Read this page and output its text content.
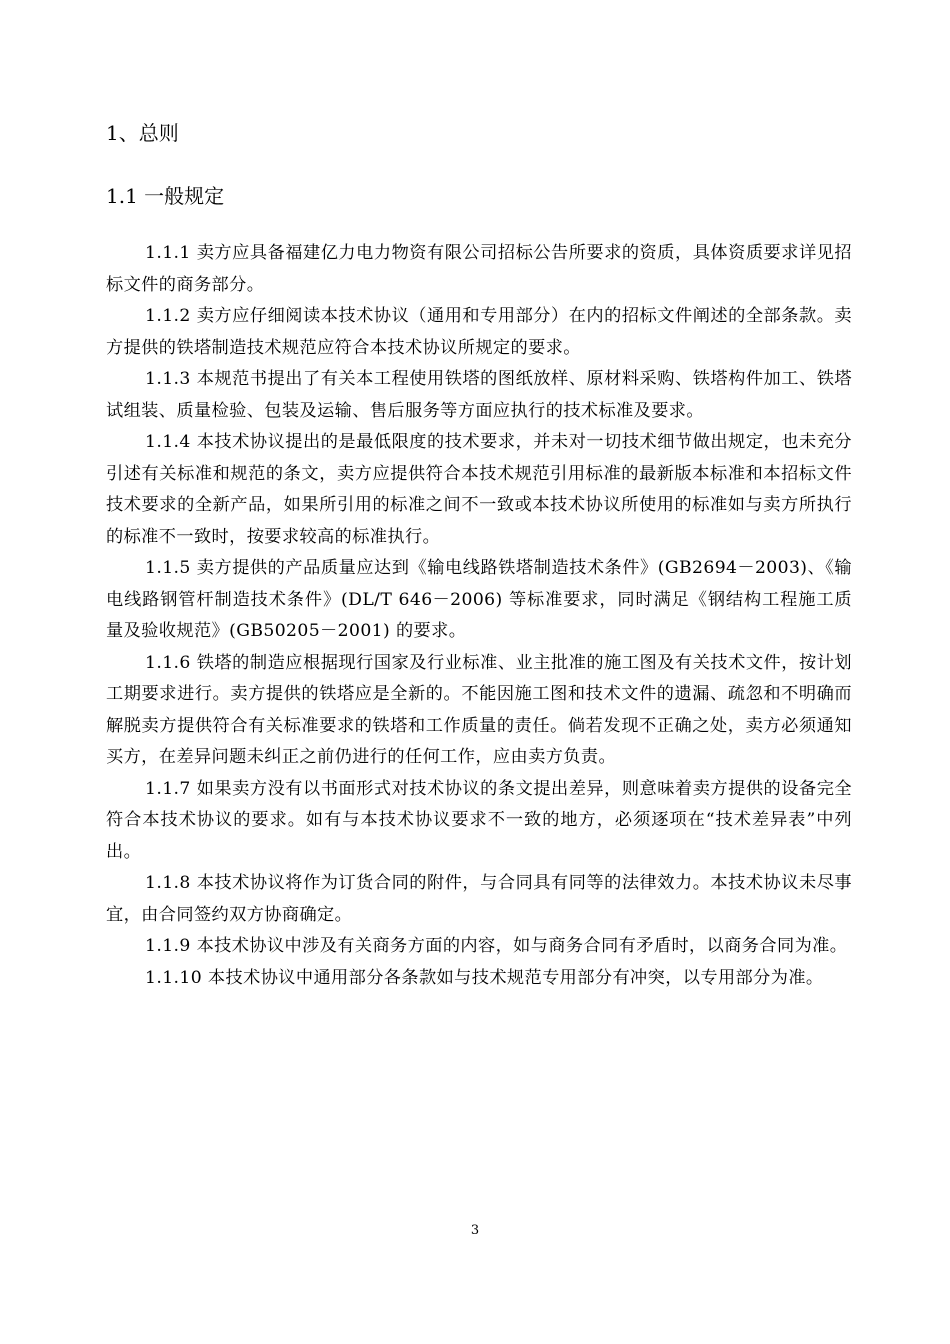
1、总则
1.1 一般规定

1.1.1 卖方应具备福建亿力电力物资有限公司招标公告所要求的资质，具体资质要求详见招标文件的商务部分。

1.1.2 卖方应仔细阅读本技术协议（通用和专用部分）在内的招标文件阐述的全部条款。卖方提供的铁塔制造技术规范应符合本技术协议所规定的要求。

1.1.3 本规范书提出了有关本工程使用铁塔的图纸放样、原材料采购、铁塔构件加工、铁塔试组装、质量检验、包装及运输、售后服务等方面应执行的技术标准及要求。

1.1.4 本技术协议提出的是最低限度的技术要求，并未对一切技术细节做出规定，也未充分引述有关标准和规范的条文，卖方应提供符合本技术规范引用标准的最新版本标准和本招标文件技术要求的全新产品，如果所引用的标准之间不一致或本技术协议所使用的标准如与卖方所执行的标准不一致时，按要求较高的标准执行。

1.1.5 卖方提供的产品质量应达到《输电线路铁塔制造技术条件》(GB2694－2003)、《输电线路钢管杆制造技术条件》(DL/T 646－2006) 等标准要求，同时满足《钢结构工程施工质量及验收规范》(GB50205－2001) 的要求。

1.1.6 铁塔的制造应根据现行国家及行业标准、业主批准的施工图及有关技术文件，按计划工期要求进行。卖方提供的铁塔应是全新的。不能因施工图和技术文件的遗漏、疏忽和不明确而解脱卖方提供符合有关标准要求的铁塔和工作质量的责任。倘若发现不正确之处，卖方必须通知买方，在差异问题未纠正之前仍进行的任何工作，应由卖方负责。

1.1.7 如果卖方没有以书面形式对技术协议的条文提出差异，则意味着卖方提供的设备完全符合本技术协议的要求。如有与本技术协议要求不一致的地方，必须逐项在“技术差异表”中列出。

1.1.8 本技术协议将作为订货合同的附件，与合同具有同等的法律效力。本技术协议未尽事宜，由合同签约双方协商确定。

1.1.9 本技术协议中涉及有关商务方面的内容，如与商务合同有矛盾时，以商务合同为准。

1.1.10 本技术协议中通用部分各条款如与技术规范专用部分有冲突，以专用部分为准。

3
